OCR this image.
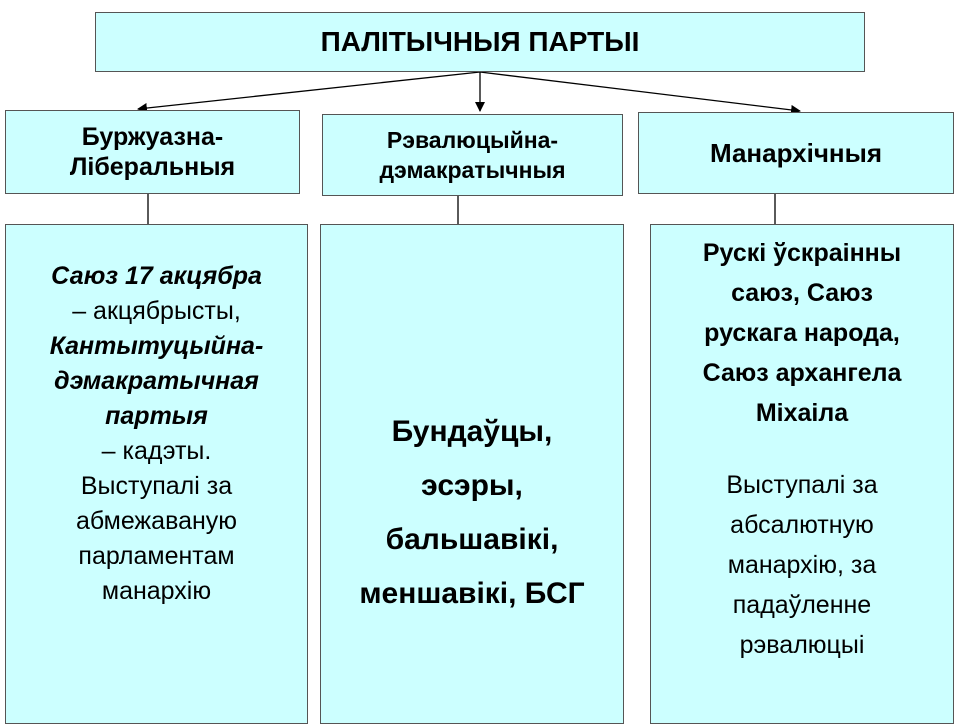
ПАЛІТЫЧНЫЯ ПАРТЫІ
Буржуазна-
Ліберальныя
Рэвалюцыйна-
дэмакратычныя
Манархічныя
Саюз 17 акцябра
– акцябрысты,
Кантытуцыйна-
дэмакратычная
партыя
– кадэты.
Выступалі за
абмежаваную
парламентам
манархію
Бундаўцы,
эсэры,
бальшавікі,
меншавікі, БСГ
Рускі ўскраінны
саюз, Саюз
рускага народа,
Саюз архангела
Міхаіла
Выступалі за
абсалютную
манархію, за
падаўленне
рэвалюцыі
